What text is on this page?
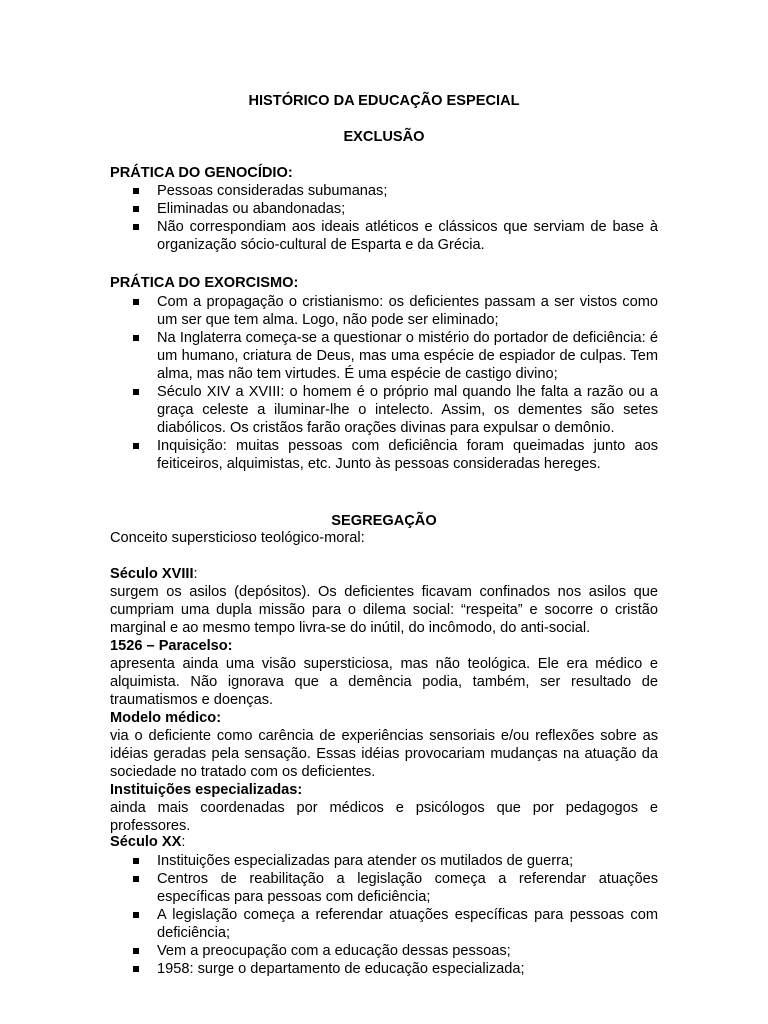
HISTÓRICO DA EDUCAÇÃO ESPECIAL
EXCLUSÃO
PRÁTICA DO GENOCÍDIO:
Pessoas consideradas subumanas;
Eliminadas ou abandonadas;
Não correspondiam aos ideais atléticos e clássicos que serviam de base à organização sócio-cultural de Esparta e da Grécia.
PRÁTICA DO EXORCISMO:
Com a propagação o cristianismo: os deficientes passam a ser vistos como um ser que tem alma. Logo, não pode ser eliminado;
Na Inglaterra começa-se a questionar o mistério do portador de deficiência: é um humano, criatura de Deus, mas uma espécie de espiador de culpas. Tem alma, mas não tem virtudes. É uma espécie de castigo divino;
Século XIV a XVIII: o homem é o próprio mal quando lhe falta a razão ou a graça celeste a iluminar-lhe o intelecto. Assim, os dementes são setes diabólicos. Os cristãos farão orações divinas para expulsar o demônio.
Inquisição: muitas pessoas com deficiência foram queimadas junto aos feiticeiros, alquimistas, etc. Junto às pessoas consideradas hereges.
SEGREGAÇÃO
Conceito supersticioso teológico-moral:
Século XVIII:
surgem os asilos (depósitos). Os deficientes ficavam confinados nos asilos que cumpriam uma dupla missão para o dilema social: “respeita” e socorre o cristão marginal e ao mesmo tempo livra-se do inútil, do incômodo, do anti-social.
1526 – Paracelso:
apresenta ainda uma visão supersticiosa, mas não teológica. Ele era médico e alquimista. Não ignorava que a demência podia, também, ser resultado de traumatismos e doenças.
Modelo médico:
via o deficiente como carência de experiências sensoriais e/ou reflexões sobre as idéias geradas pela sensação. Essas idéias provocariam mudanças na atuação da sociedade no tratado com os deficientes.
Instituições especializadas:
ainda mais coordenadas por médicos e psicólogos que por pedagogos e professores.
Século XX:
Instituições especializadas para atender os mutilados de guerra;
Centros de reabilitação a legislação começa a referendar atuações específicas para pessoas com deficiência;
A legislação começa a referendar atuações específicas para pessoas com deficiência;
Vem a preocupação com a educação dessas pessoas;
1958: surge o departamento de educação especializada;
